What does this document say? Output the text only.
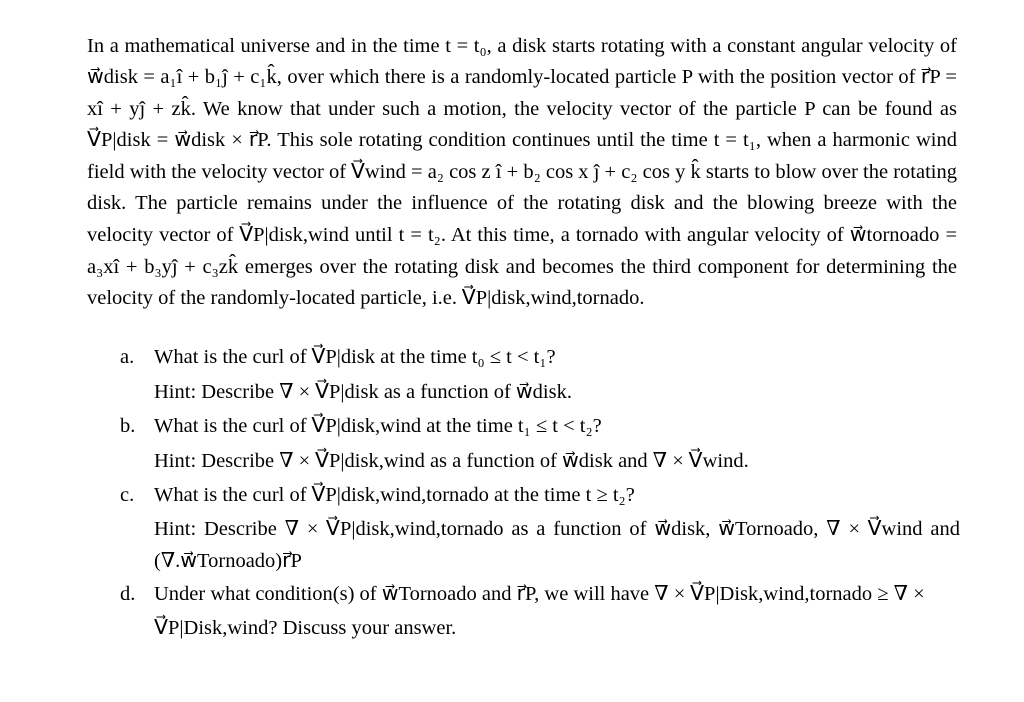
In a mathematical universe and in the time t = t₀, a disk starts rotating with a constant angular velocity of w⃗disk = a₁î + b₁ĵ + c₁k̂, over which there is a randomly-located particle P with the position vector of r⃗P = xî + yĵ + zk̂. We know that under such a motion, the velocity vector of the particle P can be found as V⃗P|disk = w⃗disk × r⃗P. This sole rotating condition continues until the time t = t₁, when a harmonic wind field with the velocity vector of V⃗wind = a₂ cos z î + b₂ cos x ĵ + c₂ cos y k̂ starts to blow over the rotating disk. The particle remains under the influence of the rotating disk and the blowing breeze with the velocity vector of V⃗P|disk,wind until t = t₂. At this time, a tornado with angular velocity of w⃗tornoado = a₃xî + b₃yĵ + c₃zk̂ emerges over the rotating disk and becomes the third component for determining the velocity of the randomly-located particle, i.e. V⃗P|disk,wind,tornado.

a. What is the curl of V⃗P|disk at the time t₀ ≤ t < t₁?
Hint: Describe ∇ × V⃗P|disk as a function of w⃗disk.
b. What is the curl of V⃗P|disk,wind at the time t₁ ≤ t < t₂?
Hint: Describe ∇ × V⃗P|disk,wind as a function of w⃗disk and ∇ × V⃗wind.
c. What is the curl of V⃗P|disk,wind,tornado at the time t ≥ t₂?
Hint: Describe ∇ × V⃗P|disk,wind,tornado as a function of w⃗disk, w⃗Tornoado, ∇ × V⃗wind and (∇.w⃗Tornoado)r⃗P
d. Under what condition(s) of w⃗Tornoado and r⃗P, we will have ∇ × V⃗P|Disk,wind,tornado ≥ ∇ × V⃗P|Disk,wind? Discuss your answer.
